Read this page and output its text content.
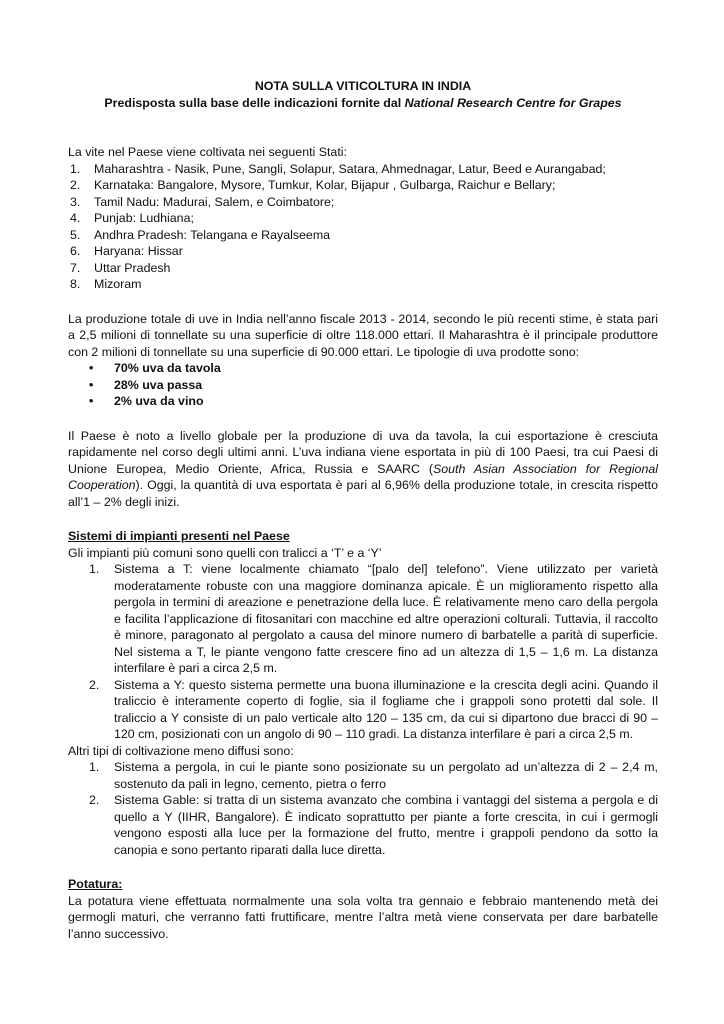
NOTA SULLA VITICOLTURA IN INDIA
Predisposta sulla base delle indicazioni fornite dal National Research Centre for Grapes

La vite nel Paese viene coltivata nei seguenti Stati:

1. Maharashtra - Nasik, Pune, Sangli, Solapur, Satara, Ahmednagar, Latur, Beed e Aurangabad;
2. Karnataka: Bangalore, Mysore, Tumkur, Kolar, Bijapur , Gulbarga, Raichur e Bellary;
3. Tamil Nadu: Madurai, Salem, e Coimbatore;
4. Punjab: Ludhiana;
5. Andhra Pradesh: Telangana e Rayalseema
6. Haryana: Hissar
7. Uttar Pradesh
8. Mizoram

La produzione totale di uve in India nell’anno fiscale 2013 - 2014, secondo le più recenti stime, è stata pari a 2,5 milioni di tonnellate su una superficie di oltre 118.000 ettari. Il Maharashtra è il principale produttore con 2 milioni di tonnellate su una superficie di 90.000 ettari. Le tipologie di uva prodotte sono:

• 70% uva da tavola
• 28% uva passa
• 2% uva da vino

Il Paese è noto a livello globale per la produzione di uva da tavola, la cui esportazione è cresciuta rapidamente nel corso degli ultimi anni. L’uva indiana viene esportata in più di 100 Paesi, tra cui Paesi di Unione Europea, Medio Oriente, Africa, Russia e SAARC (South Asian Association for Regional Cooperation). Oggi, la quantità di uva esportata è pari al 6,96% della produzione totale, in crescita rispetto all’1 – 2% degli inizi.

Sistemi di impianti presenti nel Paese

Gli impianti più comuni sono quelli con tralicci a ‘T’ e a ‘Y’

1. Sistema a T: viene localmente chiamato “[palo del] telefono”. Viene utilizzato per varietà moderatamente robuste con una maggiore dominanza apicale. È un miglioramento rispetto alla pergola in termini di areazione e penetrazione della luce. È relativamente meno caro della pergola e facilita l’applicazione di fitosanitari con macchine ed altre operazioni colturali. Tuttavia, il raccolto è minore, paragonato al pergolato a causa del minore numero di barbatelle a parità di superficie. Nel sistema a T, le piante vengono fatte crescere fino ad un altezza di 1,5 – 1,6 m. La distanza interfilare è pari a circa 2,5 m.
2. Sistema a Y: questo sistema permette una buona illuminazione e la crescita degli acini. Quando il traliccio è interamente coperto di foglie, sia il fogliame che i grappoli sono protetti dal sole. Il traliccio a Y consiste di un palo verticale alto 120 – 135 cm, da cui si dipartono due bracci di 90 – 120 cm, posizionati con un angolo di 90 – 110 gradi. La distanza interfilare è pari a circa 2,5 m.

Altri tipi di coltivazione meno diffusi sono:

1. Sistema a pergola, in cui le piante sono posizionate su un pergolato ad un’altezza di 2 – 2,4 m, sostenuto da pali in legno, cemento, pietra o ferro
2. Sistema Gable: si tratta di un sistema avanzato che combina i vantaggi del sistema a pergola e di quello a Y (IIHR, Bangalore). È indicato soprattutto per piante a forte crescita, in cui i germogli vengono esposti alla luce per la formazione del frutto, mentre i grappoli pendono da sotto la canopia e sono pertanto riparati dalla luce diretta.
Potatura:

La potatura viene effettuata normalmente una sola volta tra gennaio e febbraio mantenendo metà dei germogli maturi, che verranno fatti fruttificare, mentre l’altra metà viene conservata per dare barbatelle l’anno successivo.
